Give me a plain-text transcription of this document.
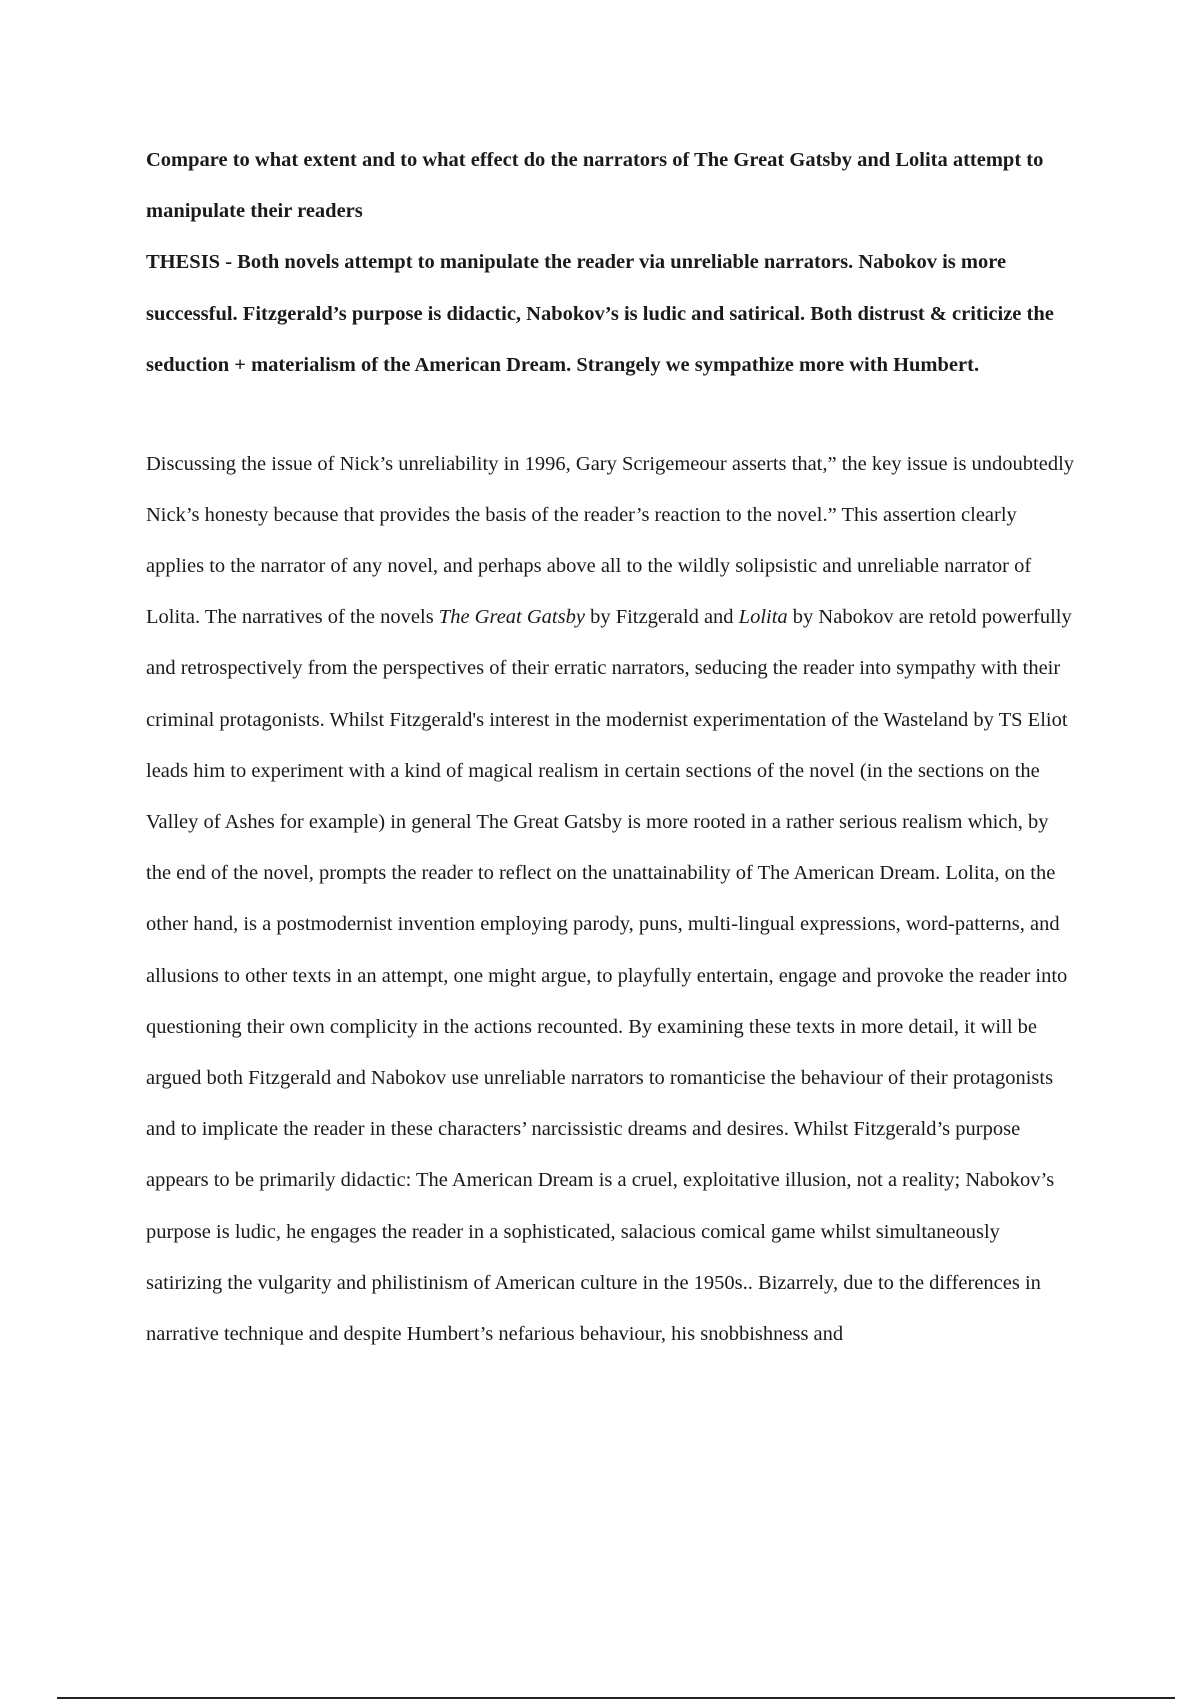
Compare to what extent and to what effect do the narrators of The Great Gatsby and Lolita attempt to manipulate their readers

THESIS - Both novels attempt to manipulate the reader via unreliable narrators. Nabokov is more successful. Fitzgerald’s purpose is didactic, Nabokov’s is ludic and satirical. Both distrust & criticize the seduction + materialism of the American Dream. Strangely we sympathize more with Humbert.

Discussing the issue of Nick’s unreliability in 1996, Gary Scrigemeour asserts that,” the key issue is undoubtedly Nick’s honesty because that provides the basis of the reader’s reaction to the novel.” This assertion clearly applies to the narrator of any novel, and perhaps above all to the wildly solipsistic and unreliable narrator of Lolita. The narratives of the novels The Great Gatsby by Fitzgerald and Lolita by Nabokov are retold powerfully and retrospectively from the perspectives of their erratic narrators, seducing the reader into sympathy with their criminal protagonists. Whilst Fitzgerald's interest in the modernist experimentation of the Wasteland by TS Eliot leads him to experiment with a kind of magical realism in certain sections of the novel (in the sections on the Valley of Ashes for example) in general The Great Gatsby is more rooted in a rather serious realism which, by the end of the novel, prompts the reader to reflect on the unattainability of The American Dream. Lolita, on the other hand, is a postmodernist invention employing parody, puns, multi-lingual expressions, word-patterns, and allusions to other texts in an attempt, one might argue, to playfully entertain, engage and provoke the reader into questioning their own complicity in the actions recounted. By examining these texts in more detail, it will be argued both Fitzgerald and Nabokov use unreliable narrators to romanticise the behaviour of their protagonists and to implicate the reader in these characters’ narcissistic dreams and desires. Whilst Fitzgerald’s purpose appears to be primarily didactic: The American Dream is a cruel, exploitative illusion, not a reality; Nabokov’s purpose is ludic, he engages the reader in a sophisticated, salacious comical game whilst simultaneously satirizing the vulgarity and philistinism of American culture in the 1950s.. Bizarrely, due to the differences in narrative technique and despite Humbert’s nefarious behaviour, his snobbishness and
